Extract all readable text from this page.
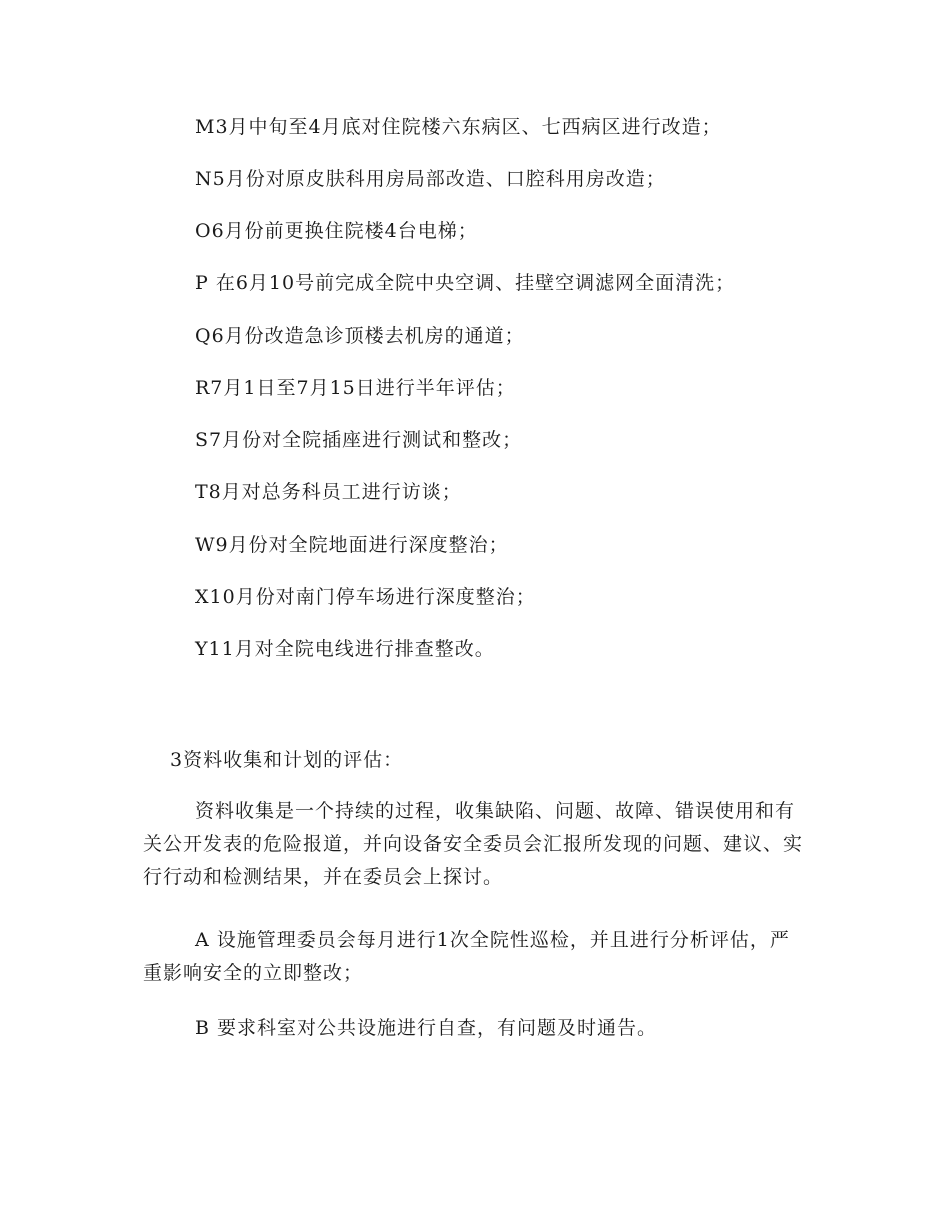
M3月中旬至4月底对住院楼六东病区、七西病区进行改造；
N5月份对原皮肤科用房局部改造、口腔科用房改造；
O6月份前更换住院楼4台电梯；
P 在6月10号前完成全院中央空调、挂壁空调滤网全面清洗；
Q6月份改造急诊顶楼去机房的通道；
R7月1日至7月15日进行半年评估；
S7月份对全院插座进行测试和整改；
T8月对总务科员工进行访谈；
W9月份对全院地面进行深度整治；
X10月份对南门停车场进行深度整治；
Y11月对全院电线进行排查整改。
3资料收集和计划的评估：

资料收集是一个持续的过程，收集缺陷、问题、故障、错误使用和有关公开发表的危险报道，并向设备安全委员会汇报所发现的问题、建议、实行行动和检测结果，并在委员会上探讨。

A 设施管理委员会每月进行1次全院性巡检，并且进行分析评估，严重影响安全的立即整改；

B 要求科室对公共设施进行自查，有问题及时通告。
